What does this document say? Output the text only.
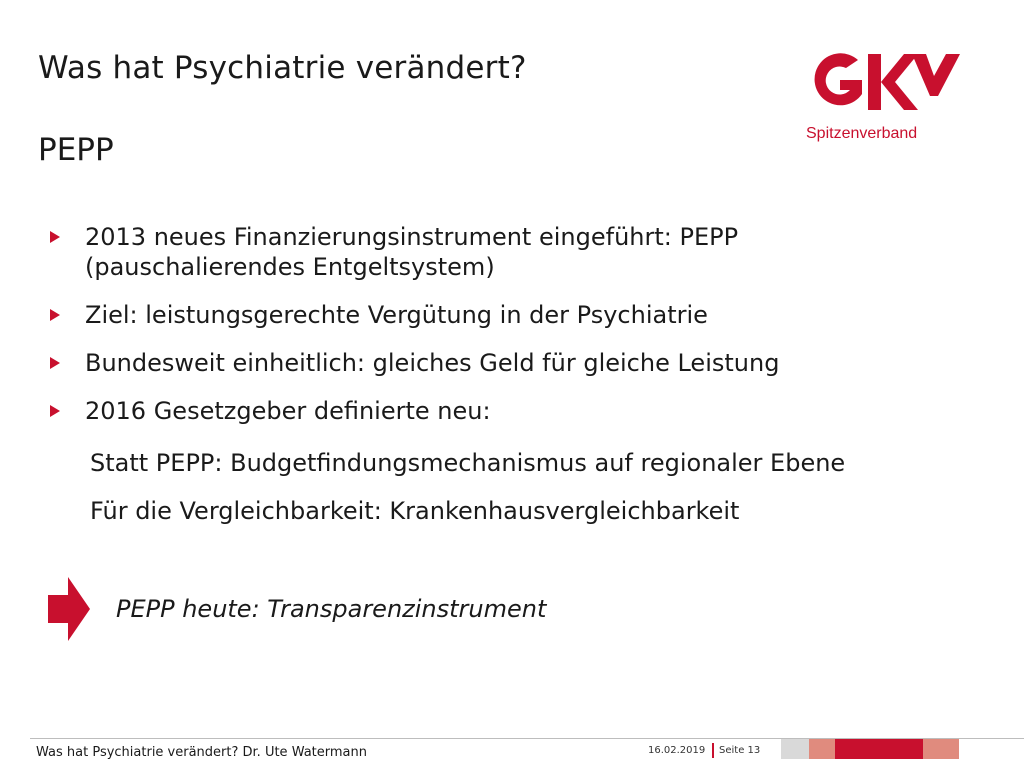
Was hat Psychiatrie verändert?
PEPP	Spitzenverband
2013 neues Finanzierungsinstrument eingeführt: PEPP (pauschalierendes Entgeltsystem)
Ziel: leistungsgerechte Vergütung in der Psychiatrie
Bundesweit einheitlich: gleiches Geld für gleiche Leistung
2016 Gesetzgeber definierte neu:
Statt PEPP: Budgetfindungsmechanismus auf regionaler Ebene
Für die Vergleichbarkeit: Krankenhausvergleichbarkeit
PEPP heute: Transparenzinstrument
Was hat Psychiatrie verändert? Dr. Ute Watermann	16.02.2019 Seite 13
